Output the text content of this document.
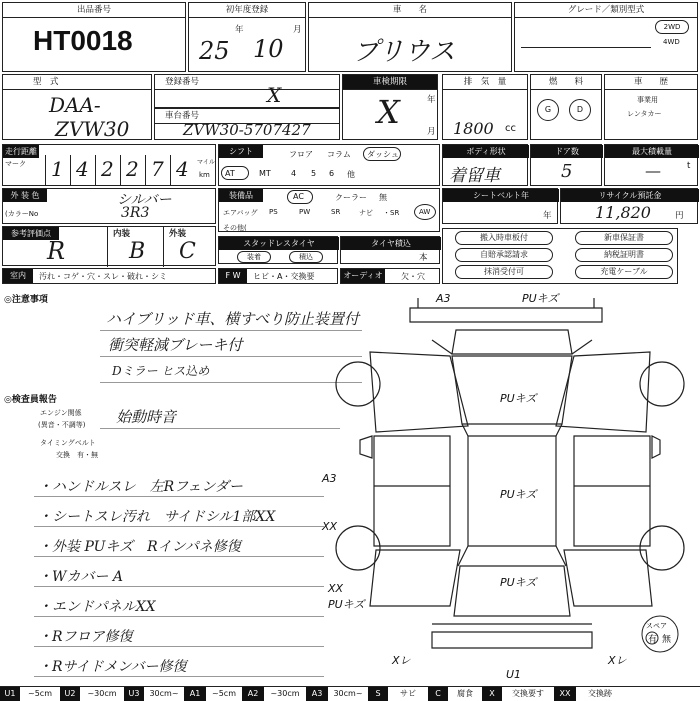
出品番号
HT0018
初年度登録
年	月
25 10
車　　名
プリウス
グレード／類別型式
2WD
4WD
型　式
DAA-
ZVW30
登録番号
X
車台番号
ZVW30-5707427
車検期限
X	年
月
排　気　量
1800 cc
燃　　料
G	D
車　　歴
事業用
レンタカー
走行距離
マーク	マイル
km
1 4 2 2 7 4
シフト	フロア コラム ダッシュ
AT	MT	4 5 6 他
ボディ形状
着留車
ドア数
5
最大積載量
—	t
外 装 色
(カラーNo
シルバー
3R3
装備品
その他(
AC	クーラー 無
エアバッグ PS	PW	SR	ナビ ・SR	AW
シートベルト年
年
リサイクル預託金
11,820	円
参考評価点	内装	外装
R	B C	スタッドレスタイヤ
装着	積込
タイヤ積込
本
搬入時車板付	新車保証書
自賠承認請求	納税証明書
抹消受付可	充電ケーブル
室内	汚れ・コゲ・穴・スレ・破れ・シミ	F W	ヒビ・A・交換要	オーディオ 欠・穴
◎注意事項
ハイブリッド車、横すべり防止装置付
衝突軽減ブレーキ付
Dミラー ヒス込め
◎検査員報告
エンジン関係
(異音・不調等) 始動時音
タイミングベルト
交換　有・無
・ハンドルスレ　左Rフェンダー
・シートスレ汚れ　サイドシル1部XX
・外装 PUキズ　Rインパネ修復
・Wカバー A
・エンドパネルXX
・Rフロア修復
・Rサイドメンバー修復
A3	PUキズ
PUキズ
A3
XX
PUキズ
PUキズ
XX
PUキズ
U1
Xレ	Xレ
スペア
有 無
U1	~5cm	U2	~30cm	U3	30cm~	A1	~5cm	A2	~30cm	A3	30cm~	S	サビ	C	腐食	X	交換要す	XX	交換跡
